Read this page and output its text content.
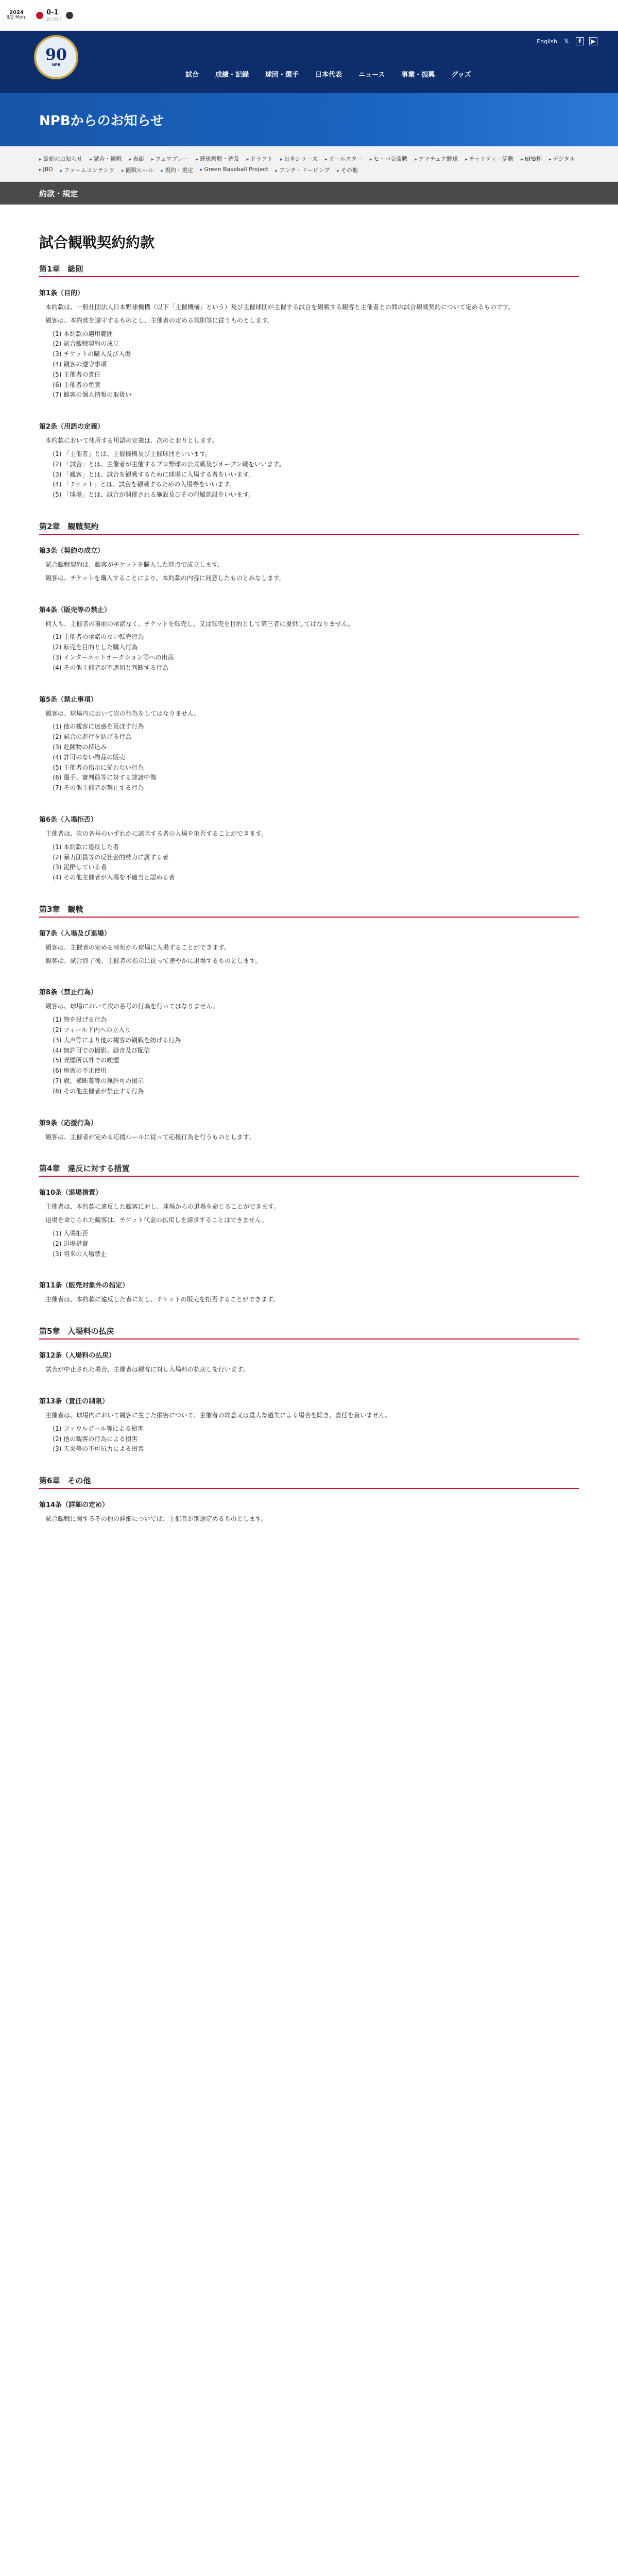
2024
8/2 Mon.
0-1
試合終了
90
NPB
English 𝕏	f	▶
試合 成績・記録 球団・選手 日本代表 ニュース 事業・振興 グッズ
NPBからのお知らせ
▸ 最新のお知らせ	▸ 試合・観戦	▸ 表彰	▸ フェアプレー	▸ 野球振興・普及	▸ ドラフト	▸ 日本シリーズ	▸ オールスター	▸ セ・パ交流戦	▸ アマチュア野球	▸ チャリティー活動	▸ NPB杯	▸ デジタル
▸ JBO	▸ ファームコンテンツ	▸ 観戦ルール	▸ 規約・規定	▸ Green Baseball Project	▸ アンチ・ドーピング	▸ その他
約款・規定
試合観戦契約約款
第1章　総則
第1条（目的）

本約款は、一般社団法人日本野球機構（以下「主催機構」という）及び主催球団が主催する試合を観戦する観客と主催者との間の試合観戦契約について定めるものです。

観客は、本約款を遵守するものとし、主催者の定める規則等に従うものとします。

(1) 本約款の適用範囲
(2) 試合観戦契約の成立
(3) チケットの購入及び入場
(4) 観客の遵守事項
(5) 主催者の責任
(6) 主催者の免責
(7) 観客の個人情報の取扱い
第2条（用語の定義）

本約款において使用する用語の定義は、次のとおりとします。

(1) 「主催者」とは、主催機構及び主催球団をいいます。
(2) 「試合」とは、主催者が主催するプロ野球の公式戦及びオープン戦をいいます。
(3) 「観客」とは、試合を観戦するために球場に入場する者をいいます。
(4) 「チケット」とは、試合を観戦するための入場券をいいます。
(5) 「球場」とは、試合が開催される施設及びその附属施設をいいます。
第2章　観戦契約
第3条（契約の成立）

試合観戦契約は、観客がチケットを購入した時点で成立します。

観客は、チケットを購入することにより、本約款の内容に同意したものとみなします。

第4条（販売等の禁止）

何人も、主催者の事前の承諾なく、チケットを転売し、又は転売を目的として第三者に提供してはなりません。

(1) 主催者の承諾のない転売行為
(2) 転売を目的とした購入行為
(3) インターネットオークション等への出品
(4) その他主催者が不適切と判断する行為
第5条（禁止事項）

観客は、球場内において次の行為をしてはなりません。

(1) 他の観客に迷惑を及ぼす行為
(2) 試合の進行を妨げる行為
(3) 危険物の持込み
(4) 許可のない物品の販売
(5) 主催者の指示に従わない行為
(6) 選手、審判員等に対する誹謗中傷
(7) その他主催者が禁止する行為
第6条（入場拒否）

主催者は、次の各号のいずれかに該当する者の入場を拒否することができます。

(1) 本約款に違反した者
(2) 暴力団員等の反社会的勢力に属する者
(3) 泥酔している者
(4) その他主催者が入場を不適当と認める者
第3章　観戦
第7条（入場及び退場）

観客は、主催者の定める時刻から球場に入場することができます。

観客は、試合終了後、主催者の指示に従って速やかに退場するものとします。

第8条（禁止行為）

観客は、球場において次の各号の行為を行ってはなりません。

(1) 物を投げる行為
(2) フィールド内への立入り
(3) 大声等により他の観客の観戦を妨げる行為
(4) 無許可での撮影、録音及び配信
(5) 喫煙所以外での喫煙
(6) 座席の不正使用
(7) 旗、横断幕等の無許可の掲示
(8) その他主催者が禁止する行為
第9条（応援行為）

観客は、主催者が定める応援ルールに従って応援行為を行うものとします。

第4章　違反に対する措置
第10条（退場措置）

主催者は、本約款に違反した観客に対し、球場からの退場を命じることができます。

退場を命じられた観客は、チケット代金の払戻しを請求することはできません。

(1) 入場拒否
(2) 退場措置
(3) 将来の入場禁止
第11条（販売対象外の指定）

主催者は、本約款に違反した者に対し、チケットの販売を拒否することができます。

第5章　入場料の払戻
第12条（入場料の払戻）

試合が中止された場合、主催者は観客に対し入場料の払戻しを行います。

第13条（責任の制限）

主催者は、球場内において観客に生じた損害について、主催者の故意又は重大な過失による場合を除き、責任を負いません。

(1) ファウルボール等による損害
(2) 他の観客の行為による損害
(3) 天災等の不可抗力による損害
第6章　その他
第14条（詳細の定め）

試合観戦に関するその他の詳細については、主催者が別途定めるものとします。
